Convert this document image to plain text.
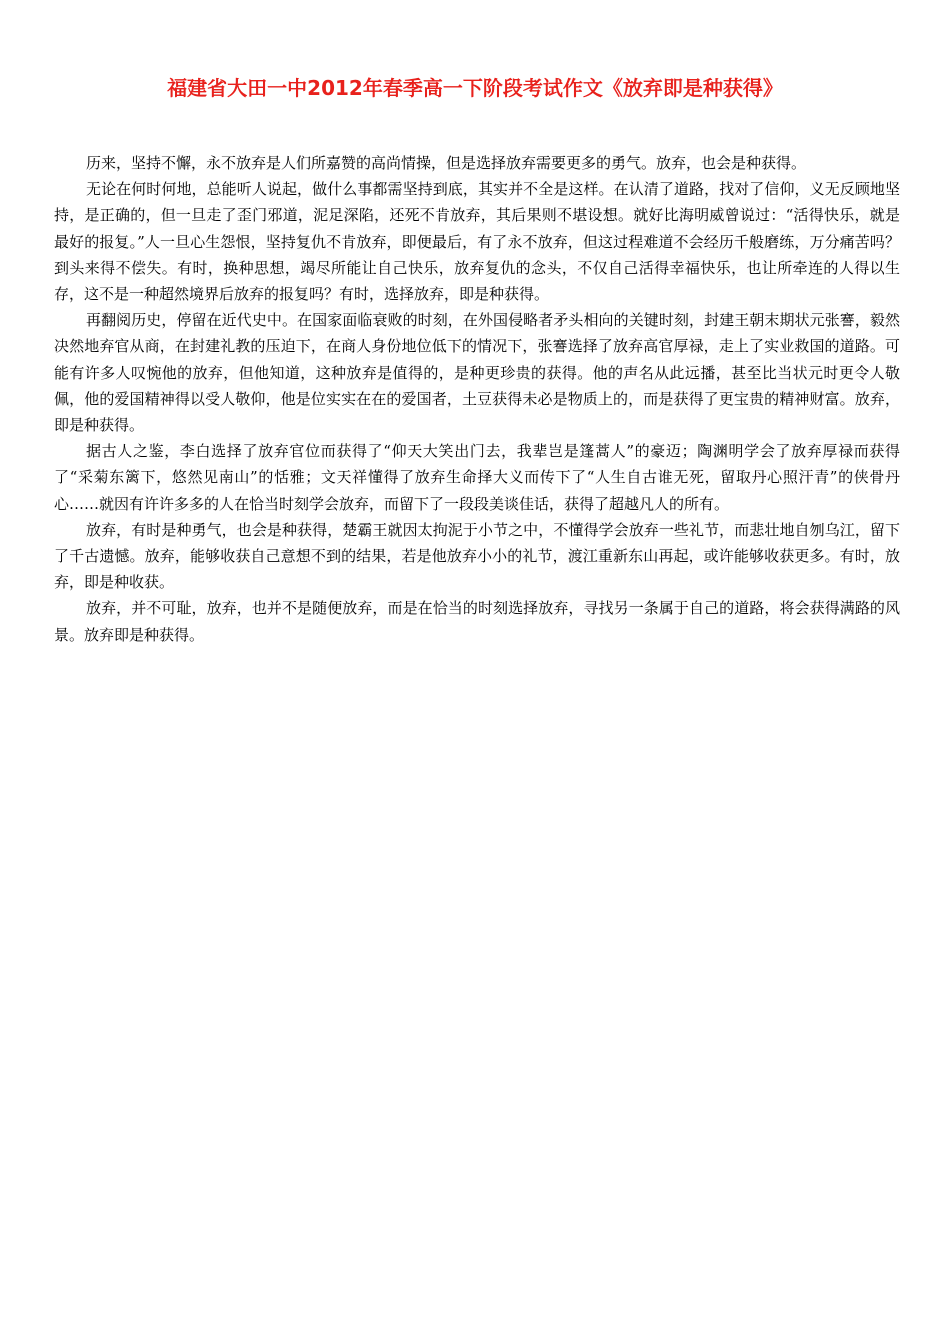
福建省大田一中2012年春季高一下阶段考试作文《放弃即是种获得》

历来，坚持不懈，永不放弃是人们所嘉赞的高尚情操，但是选择放弃需要更多的勇气。放弃，也会是种获得。

无论在何时何地，总能听人说起，做什么事都需坚持到底，其实并不全是这样。在认清了道路，找对了信仰，义无反顾地坚持，是正确的，但一旦走了歪门邪道，泥足深陷，还死不肯放弃，其后果则不堪设想。就好比海明威曾说过：“活得快乐，就是最好的报复。”人一旦心生怨恨，坚持复仇不肯放弃，即便最后，有了永不放弃，但这过程难道不会经历千般磨练，万分痛苦吗？到头来得不偿失。有时，换种思想，竭尽所能让自己快乐，放弃复仇的念头，不仅自己活得幸福快乐，也让所牵连的人得以生存，这不是一种超然境界后放弃的报复吗？有时，选择放弃，即是种获得。

再翻阅历史，停留在近代史中。在国家面临衰败的时刻，在外国侵略者矛头相向的关键时刻，封建王朝末期状元张謇，毅然决然地弃官从商，在封建礼教的压迫下，在商人身份地位低下的情况下，张謇选择了放弃高官厚禄，走上了实业救国的道路。可能有许多人叹惋他的放弃，但他知道，这种放弃是值得的，是种更珍贵的获得。他的声名从此远播，甚至比当状元时更令人敬佩，他的爱国精神得以受人敬仰，他是位实实在在的爱国者，土豆获得未必是物质上的，而是获得了更宝贵的精神财富。放弃，即是种获得。

据古人之鉴，李白选择了放弃官位而获得了“仰天大笑出门去，我辈岂是篷蒿人”的豪迈；陶渊明学会了放弃厚禄而获得了“采菊东篱下，悠然见南山”的恬雅；文天祥懂得了放弃生命择大义而传下了“人生自古谁无死，留取丹心照汗青”的侠骨丹心……就因有许许多多的人在恰当时刻学会放弃，而留下了一段段美谈佳话，获得了超越凡人的所有。

放弃，有时是种勇气，也会是种获得，楚霸王就因太拘泥于小节之中，不懂得学会放弃一些礼节，而悲壮地自刎乌江，留下了千古遗憾。放弃，能够收获自己意想不到的结果，若是他放弃小小的礼节，渡江重新东山再起，或许能够收获更多。有时，放弃，即是种收获。

放弃，并不可耻，放弃，也并不是随便放弃，而是在恰当的时刻选择放弃，寻找另一条属于自己的道路，将会获得满路的风景。放弃即是种获得。
